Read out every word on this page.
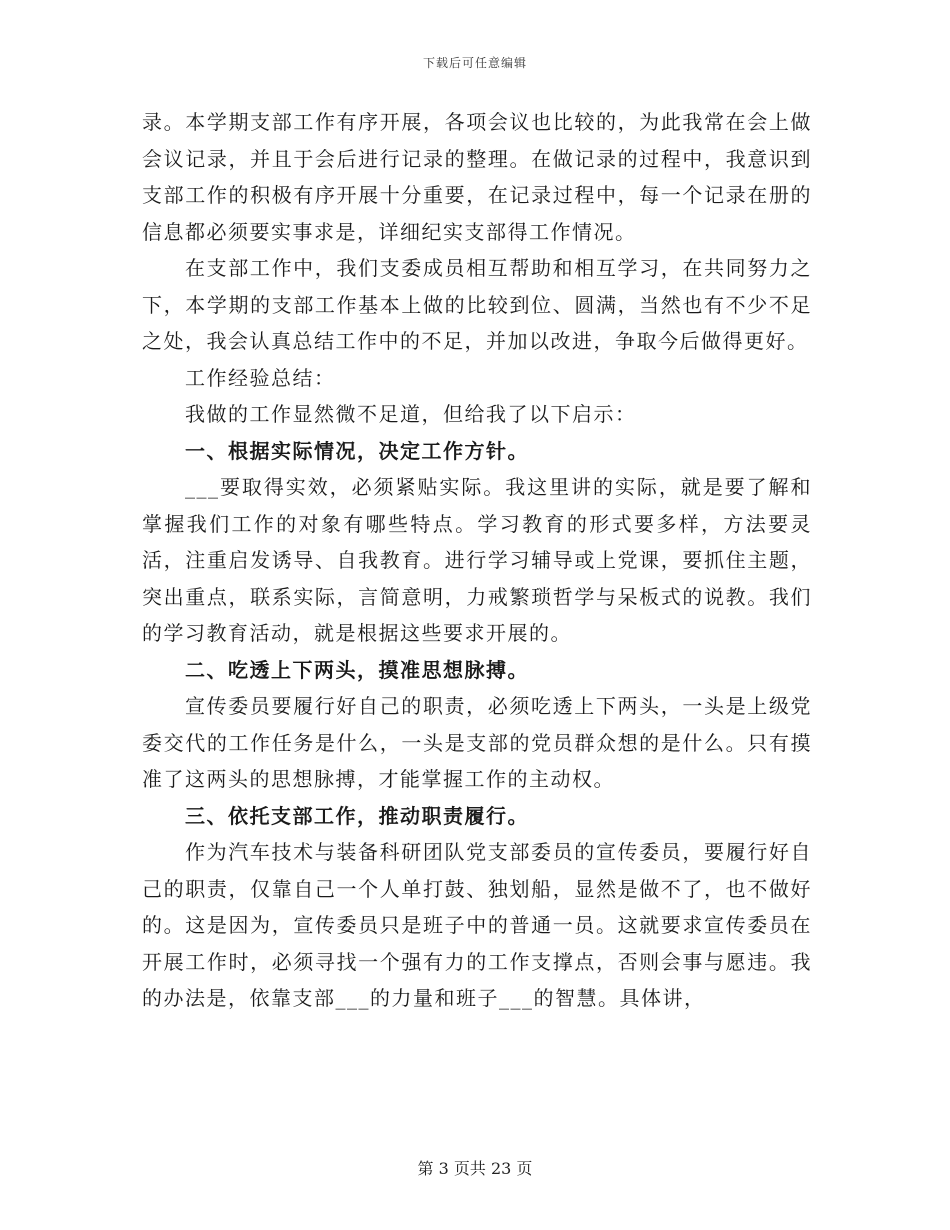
下载后可任意编辑

录。本学期支部工作有序开展，各项会议也比较的，为此我常在会上做会议记录，并且于会后进行记录的整理。在做记录的过程中，我意识到支部工作的积极有序开展十分重要，在记录过程中，每一个记录在册的信息都必须要实事求是，详细纪实支部得工作情况。

在支部工作中，我们支委成员相互帮助和相互学习，在共同努力之下，本学期的支部工作基本上做的比较到位、圆满，当然也有不少不足之处，我会认真总结工作中的不足，并加以改进，争取今后做得更好。

工作经验总结：

我做的工作显然微不足道，但给我了以下启示：

一、根据实际情况，决定工作方针。

___要取得实效，必须紧贴实际。我这里讲的实际，就是要了解和掌握我们工作的对象有哪些特点。学习教育的形式要多样，方法要灵活，注重启发诱导、自我教育。进行学习辅导或上党课，要抓住主题，突出重点，联系实际，言简意明，力戒繁琐哲学与呆板式的说教。我们的学习教育活动，就是根据这些要求开展的。

二、吃透上下两头，摸准思想脉搏。

宣传委员要履行好自己的职责，必须吃透上下两头，一头是上级党委交代的工作任务是什么，一头是支部的党员群众想的是什么。只有摸准了这两头的思想脉搏，才能掌握工作的主动权。

三、依托支部工作，推动职责履行。

作为汽车技术与装备科研团队党支部委员的宣传委员，要履行好自己的职责，仅靠自己一个人单打鼓、独划船，显然是做不了，也不做好的。这是因为，宣传委员只是班子中的普通一员。这就要求宣传委员在开展工作时，必须寻找一个强有力的工作支撑点，否则会事与愿违。我的办法是，依靠支部___的力量和班子___的智慧。具体讲，

第 3 页共 23 页
